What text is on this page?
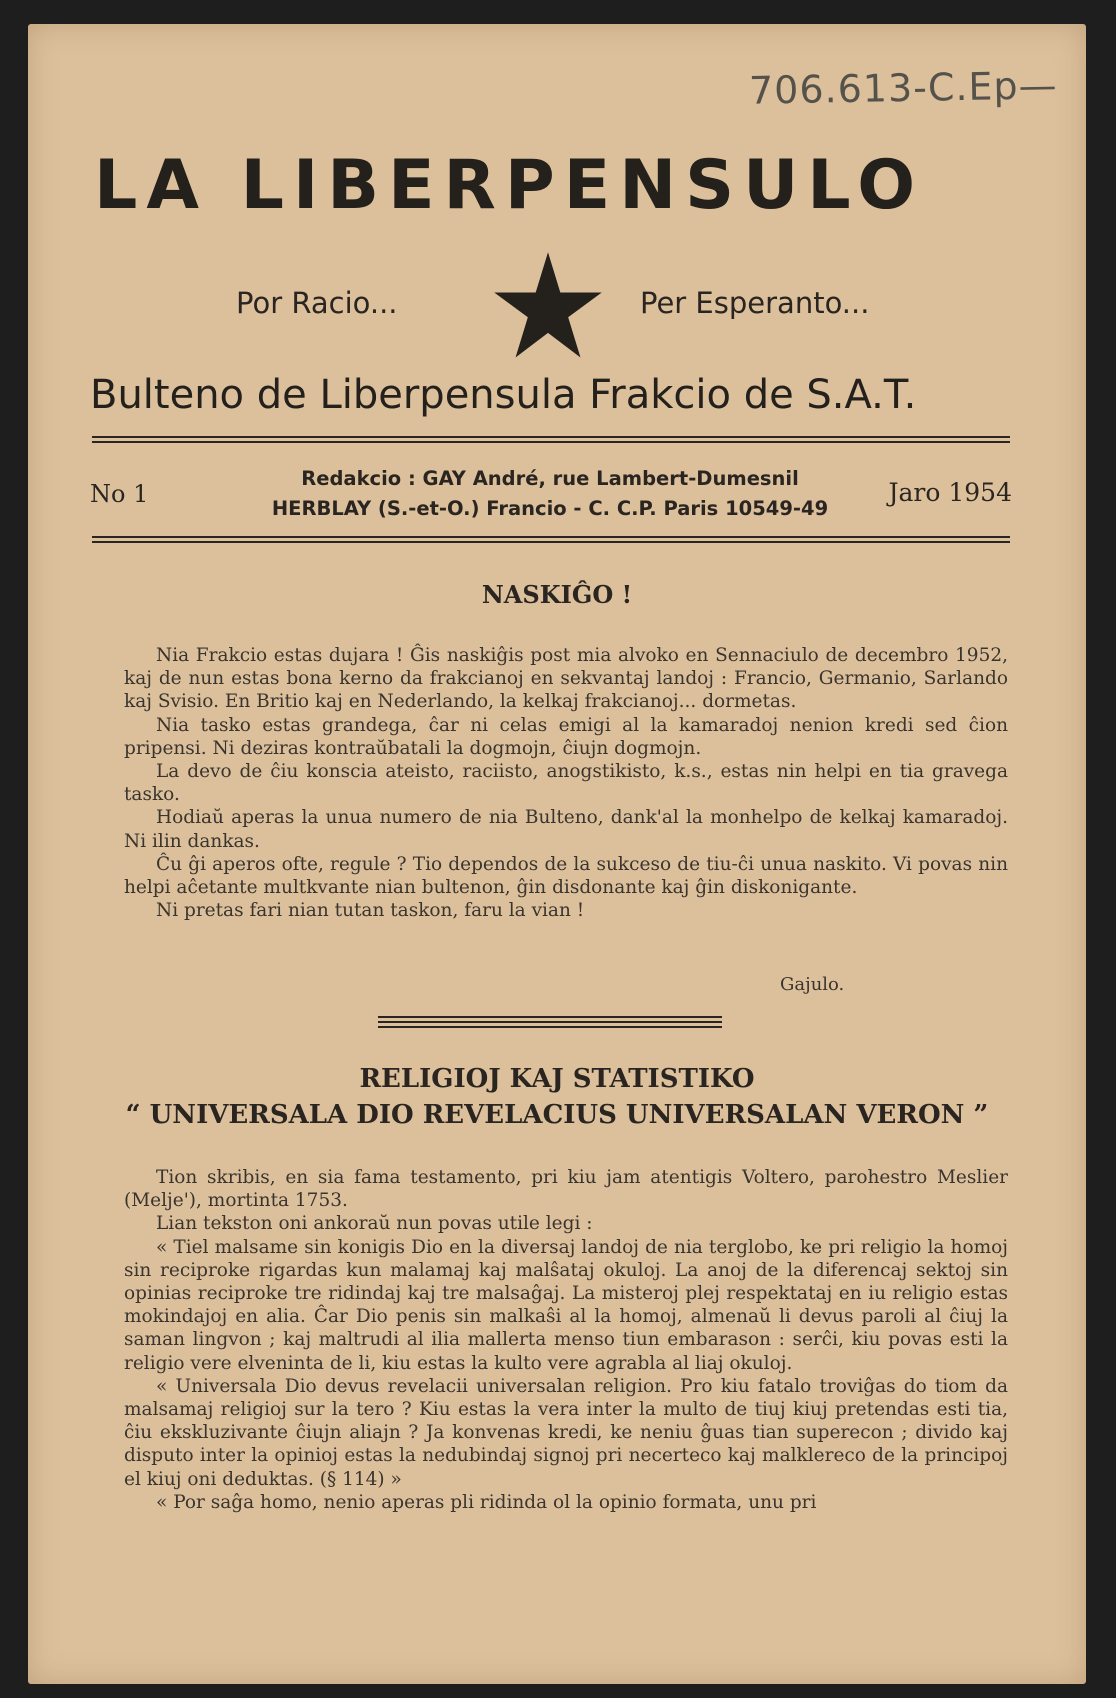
706.613-C.Ep—
LA LIBERPENSULO
Por Racio...	Per Esperanto...
Bulteno de Liberpensula Frakcio de S.A.T.
No 1
Redakcio : GAY André, rue Lambert-Dumesnil
HERBLAY (S.-et-O.) Francio - C. C.P. Paris 10549-49
Jaro 1954
NASKIĜO !

Nia Frakcio estas dujara ! Ĝis naskiĝis post mia alvoko en Sennaciulo de decembro 1952, kaj de nun estas bona kerno da frakcianoj en sekvantaj landoj : Francio, Germanio, Sarlando kaj Svisio. En Britio kaj en Nederlando, la kelkaj frakcianoj... dormetas.

Nia tasko estas grandega, ĉar ni celas emigi al la kamaradoj nenion kredi sed ĉion pripensi. Ni deziras kontraŭbatali la dogmojn, ĉiujn dogmojn.

La devo de ĉiu konscia ateisto, raciisto, anogstikisto, k.s., estas nin helpi en tia gravega tasko.

Hodiaŭ aperas la unua numero de nia Bulteno, dank'al la monhelpo de kelkaj kamaradoj. Ni ilin dankas.

Ĉu ĝi aperos ofte, regule ? Tio dependos de la sukceso de tiu-ĉi unua naskito. Vi povas nin helpi aĉetante multkvante nian bultenon, ĝin disdonante kaj ĝin diskonigante.

Ni pretas fari nian tutan taskon, faru la vian !

Gajulo.
RELIGIOJ KAJ STATISTIKO
“ UNIVERSALA DIO REVELACIUS UNIVERSALAN VERON ”

Tion skribis, en sia fama testamento, pri kiu jam atentigis Voltero, parohestro Meslier (Melje'), mortinta 1753.

Lian tekston oni ankoraŭ nun povas utile legi :

« Tiel malsame sin konigis Dio en la diversaj landoj de nia terglobo, ke pri religio la homoj sin reciproke rigardas kun malamaj kaj malŝataj okuloj. La anoj de la diferencaj sektoj sin opinias reciproke tre ridindaj kaj tre malsaĝaj. La misteroj plej respektataj en iu religio estas mokindajoj en alia. Ĉar Dio penis sin malkaŝi al la homoj, almenaŭ li devus paroli al ĉiuj la saman lingvon ; kaj maltrudi al ilia mallerta menso tiun embarason : serĉi, kiu povas esti la religio vere elveninta de li, kiu estas la kulto vere agrabla al liaj okuloj.

« Universala Dio devus revelacii universalan religion. Pro kiu fatalo troviĝas do tiom da malsamaj religioj sur la tero ? Kiu estas la vera inter la multo de tiuj kiuj pretendas esti tia, ĉiu ekskluzivante ĉiujn aliajn ? Ja konvenas kredi, ke neniu ĝuas tian superecon ; divido kaj disputo inter la opinioj estas la nedubindaj signoj pri necerteco kaj malklereco de la principoj el kiuj oni deduktas. (§ 114) »

« Por saĝa homo, nenio aperas pli ridinda ol la opinio formata, unu pri
